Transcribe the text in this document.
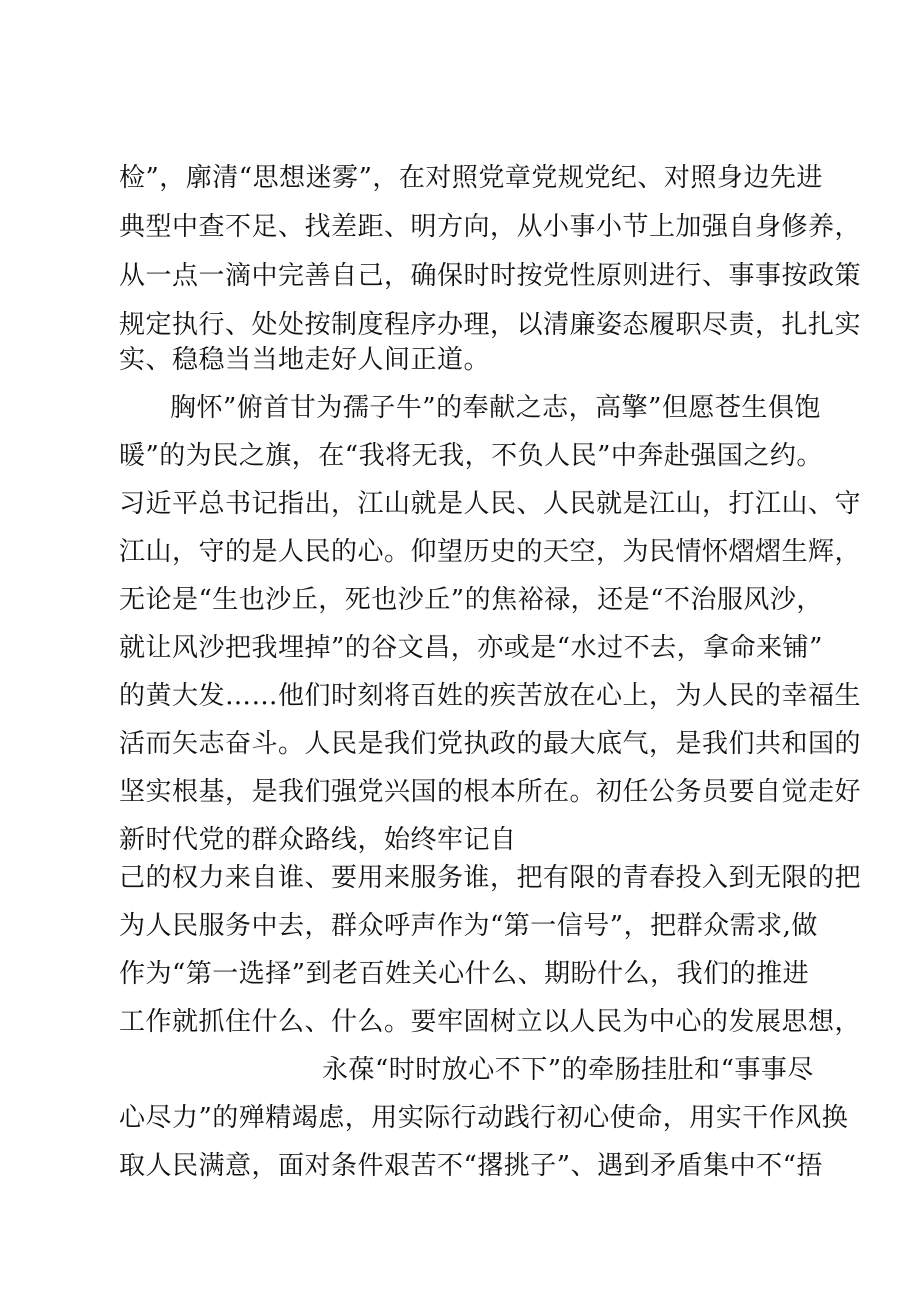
检”，廓清“思想迷雾”，在对照党章党规党纪、对照身边先进
典型中查不足、找差距、明方向，从小事小节上加强自身修养，
从一点一滴中完善自己，确保时时按党性原则进行、事事按政策
规定执行、处处按制度程序办理，以清廉姿态履职尽责，扎扎实
实、稳稳当当地走好人间正道。
胸怀”俯首甘为孺子牛”的奉献之志，高擎”但愿苍生俱饱
暖”的为民之旗，在“我将无我，不负人民”中奔赴强国之约。
习近平总书记指出，江山就是人民、人民就是江山，打江山、守
江山，守的是人民的心。仰望历史的天空，为民情怀熠熠生辉，
无论是“生也沙丘，死也沙丘”的焦裕禄，还是“不治服风沙，
就让风沙把我埋掉”的谷文昌，亦或是“水过不去，拿命来铺”
的黄大发……他们时刻将百姓的疾苦放在心上，为人民的幸福生
活而矢志奋斗。人民是我们党执政的最大底气，是我们共和国的
坚实根基，是我们强党兴国的根本所在。初任公务员要自觉走好
新时代党的群众路线，始终牢记自
己的权力来自谁、要用来服务谁，把有限的青春投入到无限的把
为人民服务中去，群众呼声作为“第一信号”，把群众需求,做
作为“第一选择”到老百姓关心什么、期盼什么，我们的推进
工作就抓住什么、什么。要牢固树立以人民为中心的发展思想，
永葆“时时放心不下”的牵肠挂肚和“事事尽
心尽力”的殚精竭虑，用实际行动践行初心使命，用实干作风换
取人民满意，面对条件艰苦不“撂挑子”、遇到矛盾集中不“捂
